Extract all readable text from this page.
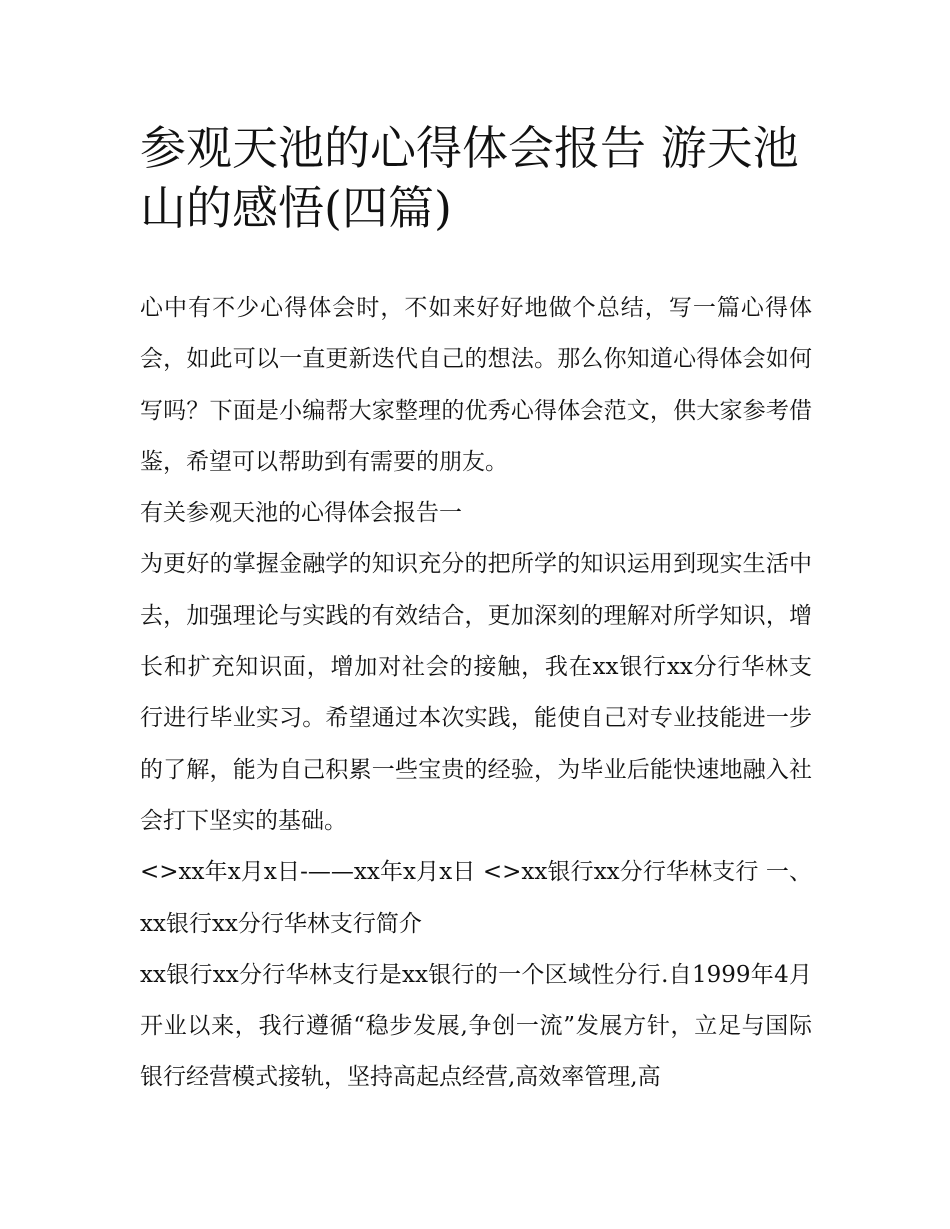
参观天池的心得体会报告 游天池山的感悟(四篇)

心中有不少心得体会时，不如来好好地做个总结，写一篇心得体会，如此可以一直更新迭代自己的想法。那么你知道心得体会如何写吗？下面是小编帮大家整理的优秀心得体会范文，供大家参考借鉴，希望可以帮助到有需要的朋友。

有关参观天池的心得体会报告一

为更好的掌握金融学的知识充分的把所学的知识运用到现实生活中去，加强理论与实践的有效结合，更加深刻的理解对所学知识，增长和扩充知识面，增加对社会的接触，我在xx银行xx分行华林支行进行毕业实习。希望通过本次实践，能使自己对专业技能进一步的了解，能为自己积累一些宝贵的经验，为毕业后能快速地融入社会打下坚实的基础。

<>xx年x月x日-——xx年x月x日 <>xx银行xx分行华林支行 一、 xx银行xx分行华林支行简介

xx银行xx分行华林支行是xx银行的一个区域性分行.自1999年4月开业以来，我行遵循“稳步发展,争创一流”发展方针，立足与国际银行经营模式接轨，坚持高起点经营,高效率管理,高
